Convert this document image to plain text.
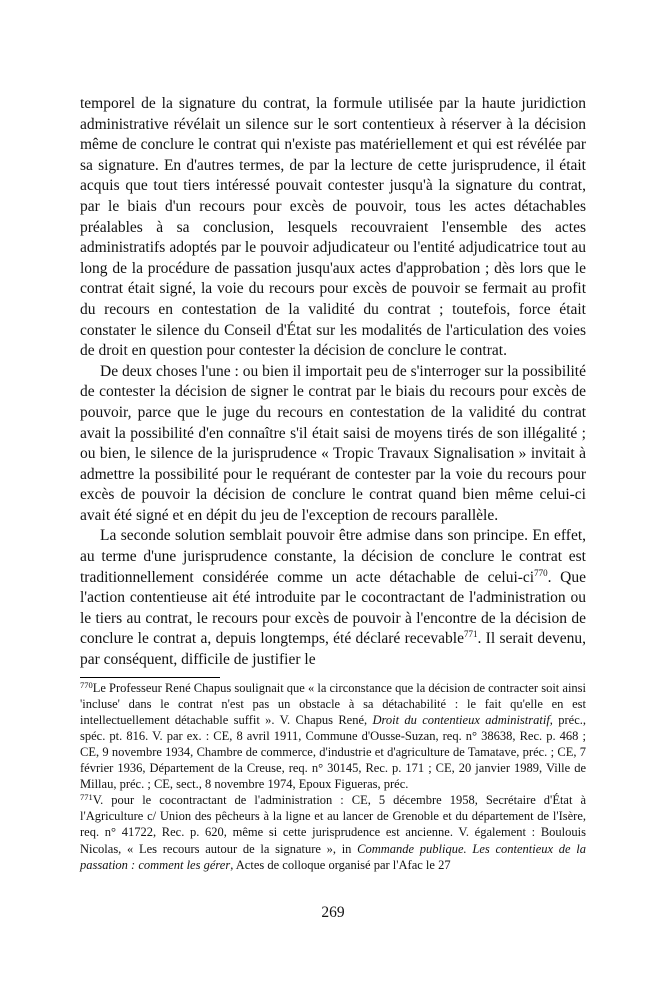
temporel de la signature du contrat, la formule utilisée par la haute juridiction administrative révélait un silence sur le sort contentieux à réserver à la décision même de conclure le contrat qui n'existe pas matériellement et qui est révélée par sa signature. En d'autres termes, de par la lecture de cette jurisprudence, il était acquis que tout tiers intéressé pouvait contester jusqu'à la signature du contrat, par le biais d'un recours pour excès de pouvoir, tous les actes détachables préalables à sa conclusion, lesquels recouvraient l'ensemble des actes administratifs adoptés par le pouvoir adjudicateur ou l'entité adjudicatrice tout au long de la procédure de passation jusqu'aux actes d'approbation ; dès lors que le contrat était signé, la voie du recours pour excès de pouvoir se fermait au profit du recours en contestation de la validité du contrat ; toutefois, force était constater le silence du Conseil d'État sur les modalités de l'articulation des voies de droit en question pour contester la décision de conclure le contrat.

De deux choses l'une : ou bien il importait peu de s'interroger sur la possibilité de contester la décision de signer le contrat par le biais du recours pour excès de pouvoir, parce que le juge du recours en contestation de la validité du contrat avait la possibilité d'en connaître s'il était saisi de moyens tirés de son illégalité ; ou bien, le silence de la jurisprudence « Tropic Travaux Signalisation » invitait à admettre la possibilité pour le requérant de contester par la voie du recours pour excès de pouvoir la décision de conclure le contrat quand bien même celui-ci avait été signé et en dépit du jeu de l'exception de recours parallèle.

La seconde solution semblait pouvoir être admise dans son principe. En effet, au terme d'une jurisprudence constante, la décision de conclure le contrat est traditionnellement considérée comme un acte détachable de celui-$ci^{770}$. Que l'action contentieuse ait été introduite par le cocontractant de l'administration ou le tiers au contrat, le recours pour excès de pouvoir à l'encontre de la décision de conclure le contrat a, depuis longtemps, été déclaré recevable$^{771}$. Il serait devenu, par conséquent, difficile de justifier le

$^{770}$Le Professeur René Chapus soulignait que « la circonstance que la décision de contracter soit ainsi 'incluse' dans le contrat n'est pas un obstacle à sa détachabilité : le fait qu'elle en est intellectuellement détachable suffit ». V. Chapus René, Droit du contentieux administratif, préc., spéc. pt. 816. V. par ex. : CE, 8 avril 1911, Commune d'Ousse-Suzan, req. n° 38638, Rec. p. 468 ; CE, 9 novembre 1934, Chambre de commerce, d'industrie et d'agriculture de Tamatave, préc. ; CE, 7 février 1936, Département de la Creuse, req. n° 30145, Rec. p. 171 ; CE, 20 janvier 1989, Ville de Millau, préc. ; CE, sect., 8 novembre 1974, Epoux Figueras, préc.

$^{771}$V. pour le cocontractant de l'administration : CE, 5 décembre 1958, Secrétaire d'État à l'Agriculture c/ Union des pêcheurs à la ligne et au lancer de Grenoble et du département de l'Isère, req. n° 41722, Rec. p. 620, même si cette jurisprudence est ancienne. V. également : Boulouis Nicolas, « Les recours autour de la signature », in Commande publique. Les contentieux de la passation : comment les gérer, Actes de colloque organisé par l'Afac le 27

269
